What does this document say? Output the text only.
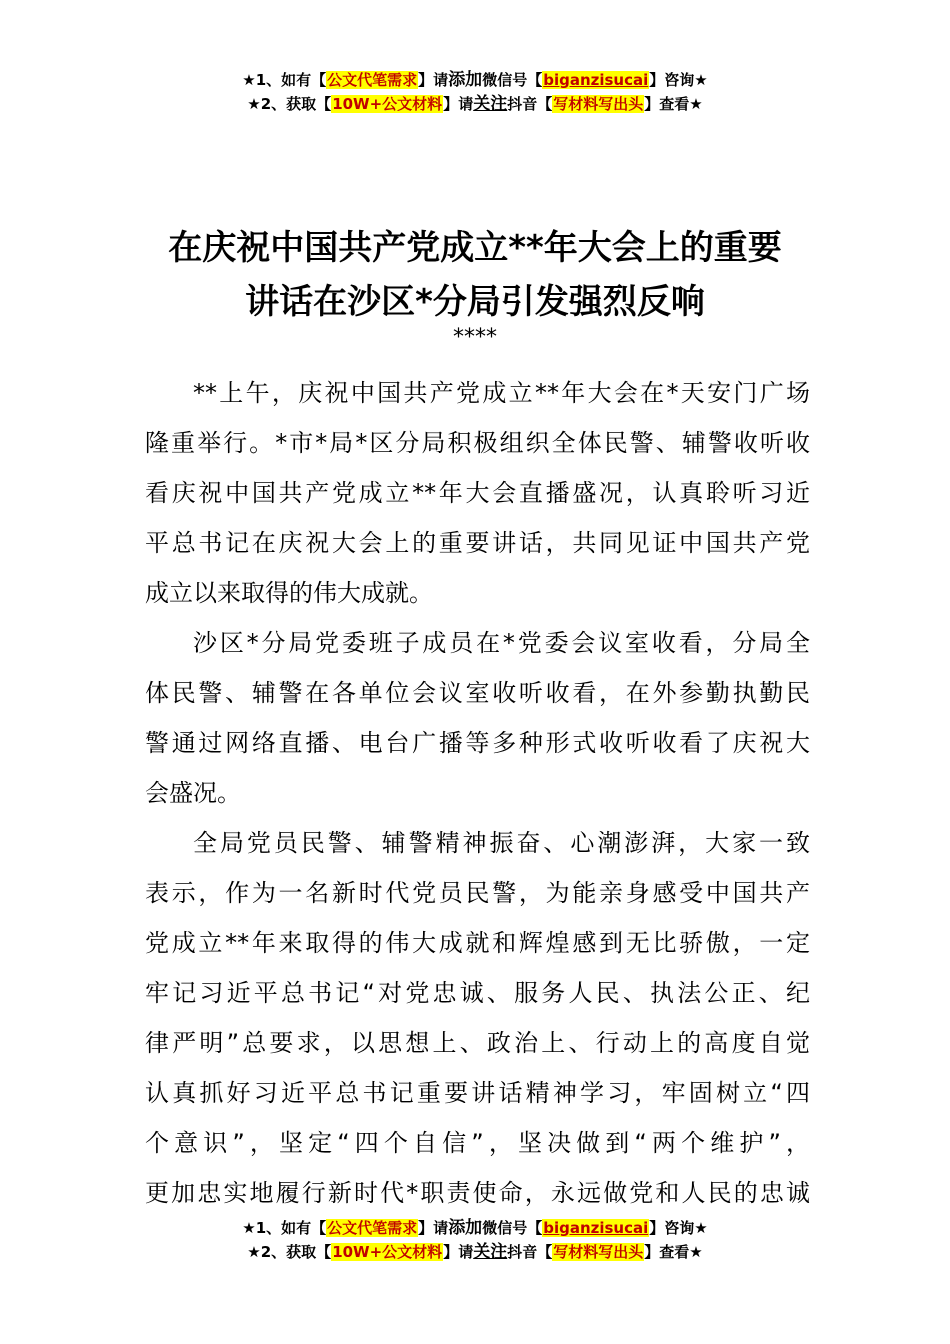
★1、如有【公文代笔需求】请添加微信号【biganzisucai】咨询★
★2、获取【10W+公文材料】请关注抖音【写材料写出头】查看★
在庆祝中国共产党成立**年大会上的重要
讲话在沙区*分局引发强烈反响
****

**上午，庆祝中国共产党成立**年大会在*天安门广场
隆重举行。*市*局*区分局积极组织全体民警、辅警收听收
看庆祝中国共产党成立**年大会直播盛况，认真聆听习近
平总书记在庆祝大会上的重要讲话，共同见证中国共产党
成立以来取得的伟大成就。

沙区*分局党委班子成员在*党委会议室收看，分局全
体民警、辅警在各单位会议室收听收看，在外参勤执勤民
警通过网络直播、电台广播等多种形式收听收看了庆祝大
会盛况。

全局党员民警、辅警精神振奋、心潮澎湃，大家一致
表示，作为一名新时代党员民警，为能亲身感受中国共产
党成立**年来取得的伟大成就和辉煌感到无比骄傲，一定
牢记习近平总书记“对党忠诚、服务人民、执法公正、纪
律严明”总要求，以思想上、政治上、行动上的高度自觉
认真抓好习近平总书记重要讲话精神学习，牢固树立“四
个意识”，坚定“四个自信”，坚决做到“两个维护”，
更加忠实地履行新时代*职责使命，永远做党和人民的忠诚

★1、如有【公文代笔需求】请添加微信号【biganzisucai】咨询★
★2、获取【10W+公文材料】请关注抖音【写材料写出头】查看★
